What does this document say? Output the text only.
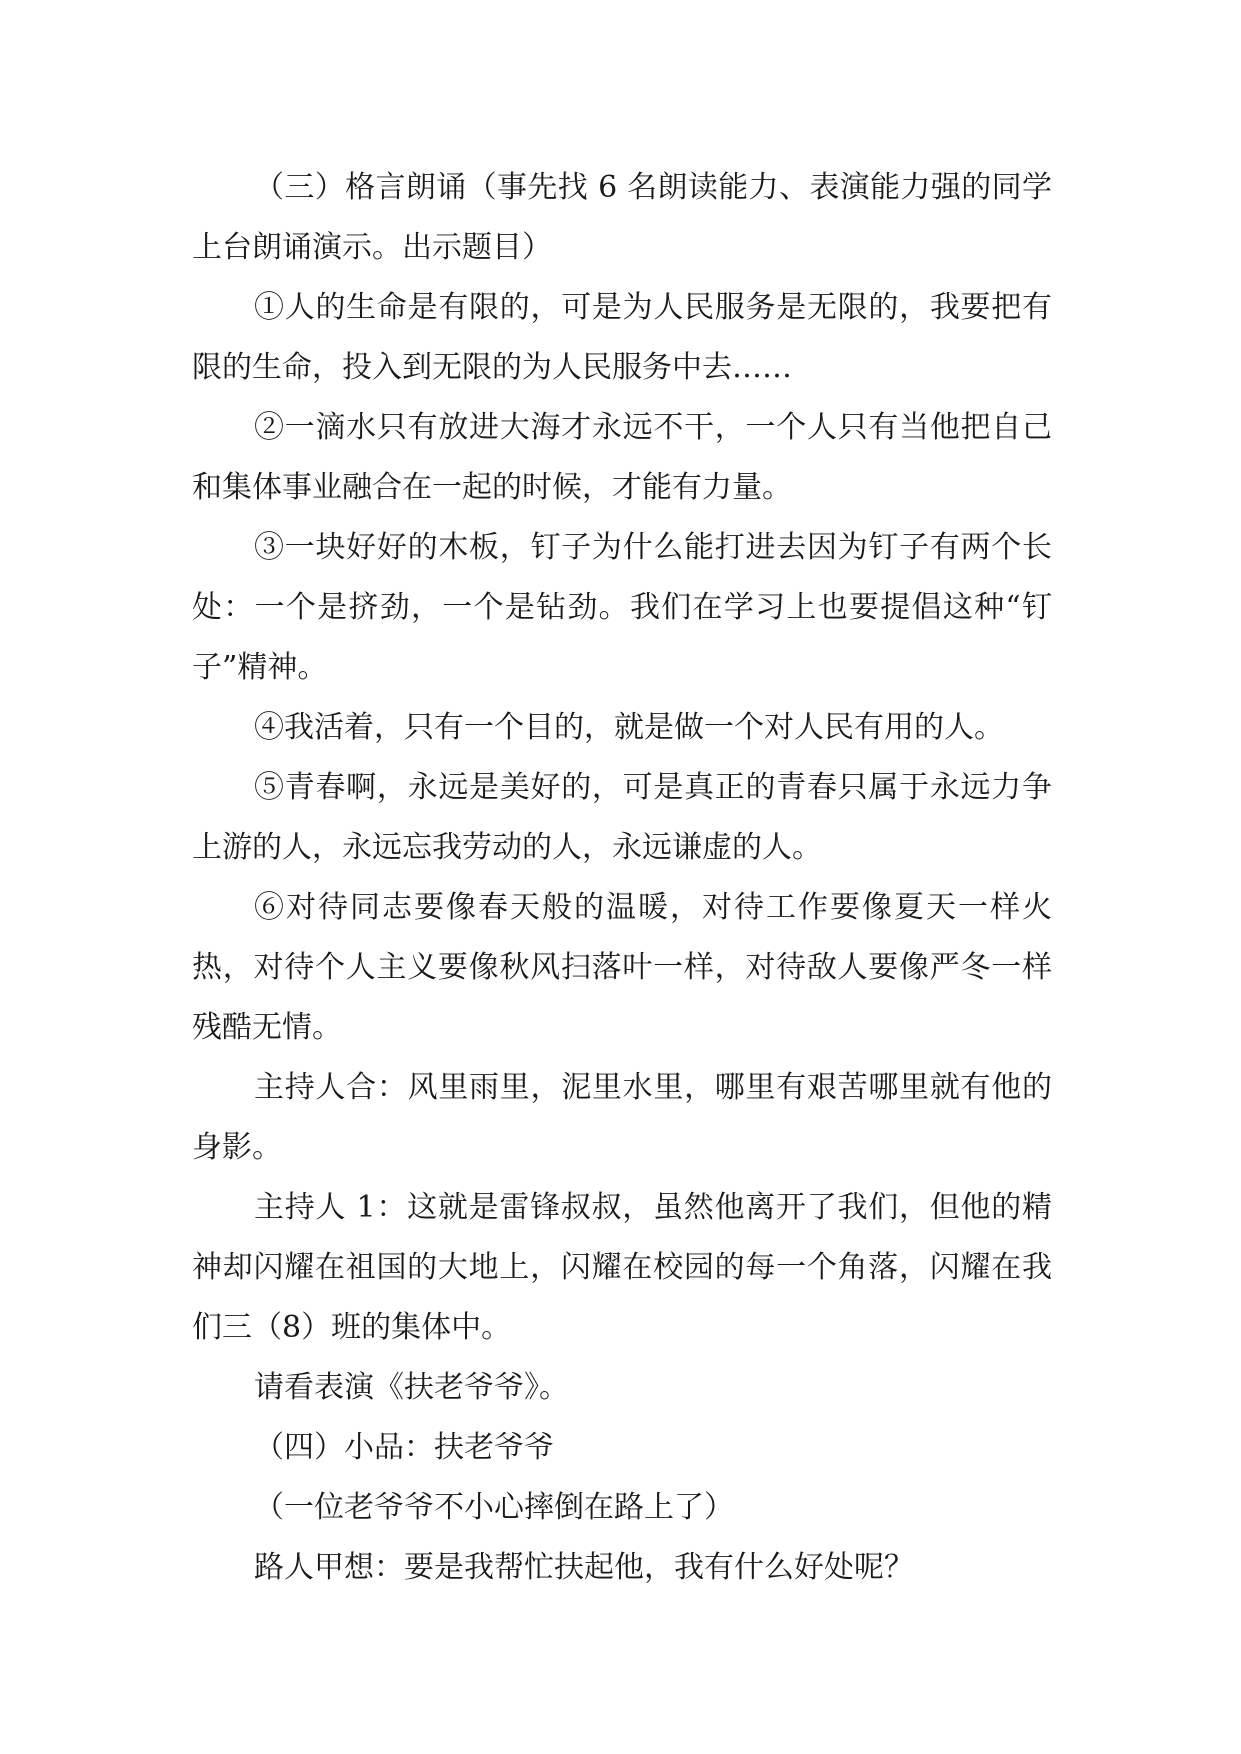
（三）格言朗诵（事先找 6 名朗读能力、表演能力强的同学上台朗诵演示。出示题目）

①人的生命是有限的，可是为人民服务是无限的，我要把有限的生命，投入到无限的为人民服务中去……

②一滴水只有放进大海才永远不干，一个人只有当他把自己和集体事业融合在一起的时候，才能有力量。

③一块好好的木板，钉子为什么能打进去因为钉子有两个长处：一个是挤劲，一个是钻劲。我们在学习上也要提倡这种“钉子”精神。

④我活着，只有一个目的，就是做一个对人民有用的人。

⑤青春啊，永远是美好的，可是真正的青春只属于永远力争上游的人，永远忘我劳动的人，永远谦虚的人。

⑥对待同志要像春天般的温暖，对待工作要像夏天一样火热，对待个人主义要像秋风扫落叶一样，对待敌人要像严冬一样残酷无情。

主持人合：风里雨里，泥里水里，哪里有艰苦哪里就有他的身影。

主持人 1：这就是雷锋叔叔，虽然他离开了我们，但他的精神却闪耀在祖国的大地上，闪耀在校园的每一个角落，闪耀在我们三（8）班的集体中。

请看表演《扶老爷爷》。

（四）小品：扶老爷爷

（一位老爷爷不小心摔倒在路上了）

路人甲想：要是我帮忙扶起他，我有什么好处呢？
